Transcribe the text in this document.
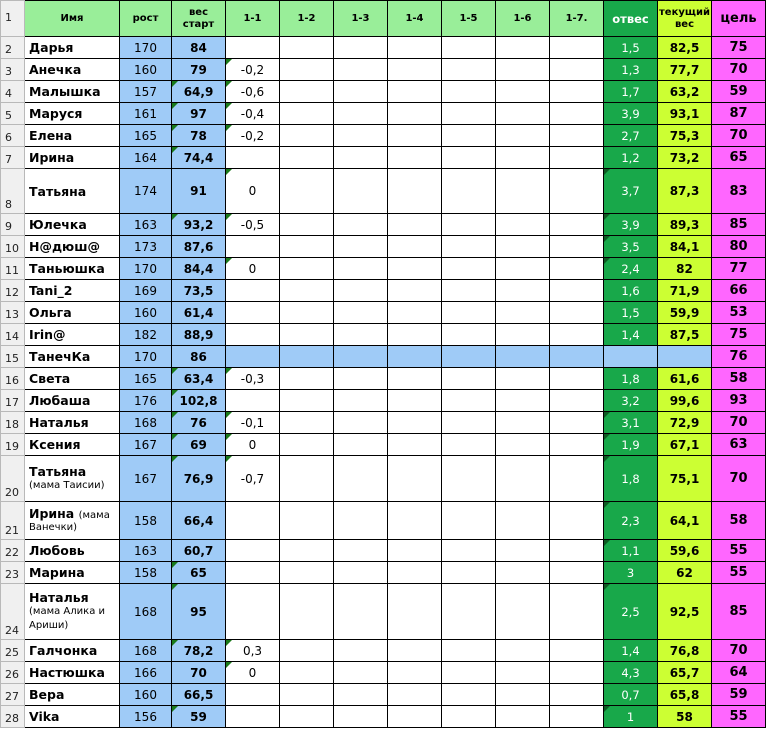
1	Имя	рост	вес старт	1-1	1-2	1-3	1-4	1-5	1-6	1-7.	отвес	текущий вес	цель
2	Дарья	170	84								1,5	82,5	75
3	Анечка	160	79	-0,2							1,3	77,7	70
4	Малышка	157	64,9	-0,6							1,7	63,2	59
5	Маруся	161	97	-0,4							3,9	93,1	87
6	Елена	165	78	-0,2							2,7	75,3	70
7	Ирина	164	74,4								1,2	73,2	65
8	Татьяна	174	91	0							3,7	87,3	83
9	Юлечка	163	93,2	-0,5							3,9	89,3	85
10	Н@дюш@	173	87,6								3,5	84,1	80
11	Таньюшка	170	84,4	0							2,4	82	77
12	Tani_2	169	73,5								1,6	71,9	66
13	Ольга	160	61,4								1,5	59,9	53
14	Irin@	182	88,9								1,4	87,5	75
15	ТанечКа	170	86										76
16	Света	165	63,4	-0,3							1,8	61,6	58
17	Любаша	176	102,8								3,2	99,6	93
18	Наталья	168	76	-0,1							3,1	72,9	70
19	Ксения	167	69	0							1,9	67,1	63
20	Татьяна
(мама Таисии)	167	76,9	-0,7							1,8	75,1	70
21	Ирина (мама
Ванечки)	158	66,4								2,3	64,1	58
22	Любовь	163	60,7								1,1	59,6	55
23	Марина	158	65								3	62	55
24	Наталья
(мама Алика и
Ариши)	168	95								2,5	92,5	85
25	Галчонка	168	78,2	0,3							1,4	76,8	70
26	Настюшка	166	70	0							4,3	65,7	64
27	Вера	160	66,5								0,7	65,8	59
28	Vika	156	59								1	58	55
